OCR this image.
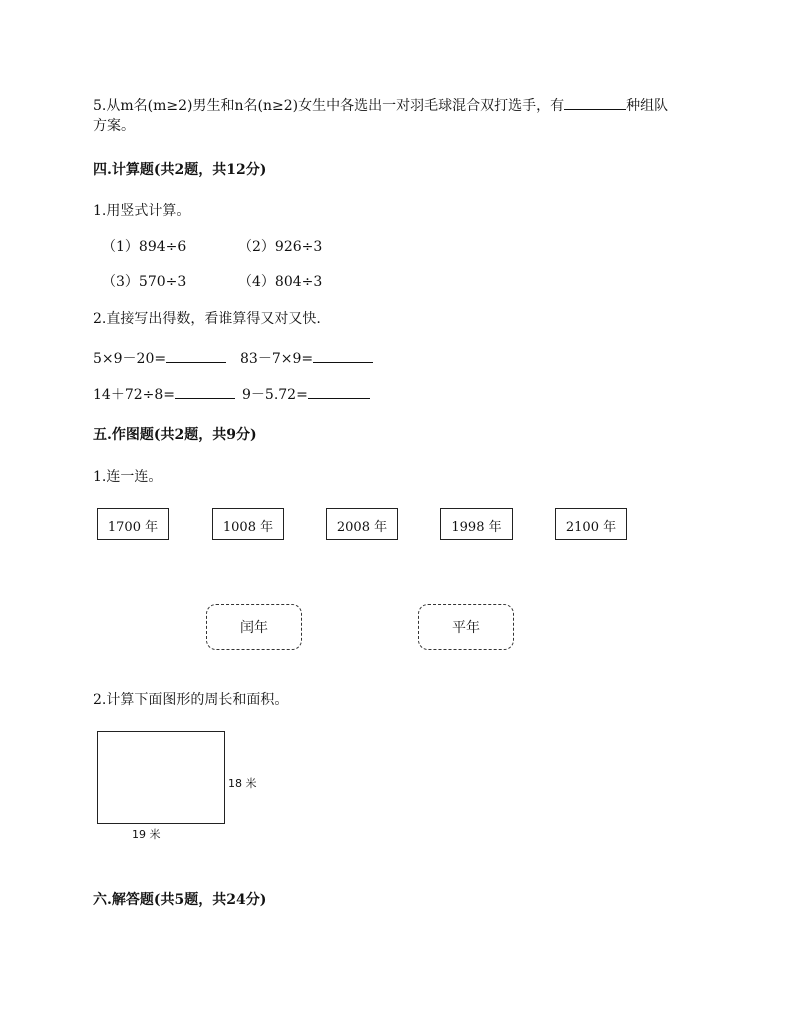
5.从m名(m≥2)男生和n名(n≥2)女生中各选出一对羽毛球混合双打选手，有	种组队
方案。
四.计算题(共2题，共12分)
1.用竖式计算。
（1）894÷6	（2）926÷3
（3）570÷3	（4）804÷3
2.直接写出得数，看谁算得又对又快.
5×9－20=	83－7×9=
14＋72÷8=	9－5.72=
五.作图题(共2题，共9分)
1.连一连。
1700 年	1008 年	2008 年	1998 年	2100 年
闰年	平年
2.计算下面图形的周长和面积。
18 米
19 米
六.解答题(共5题，共24分)
